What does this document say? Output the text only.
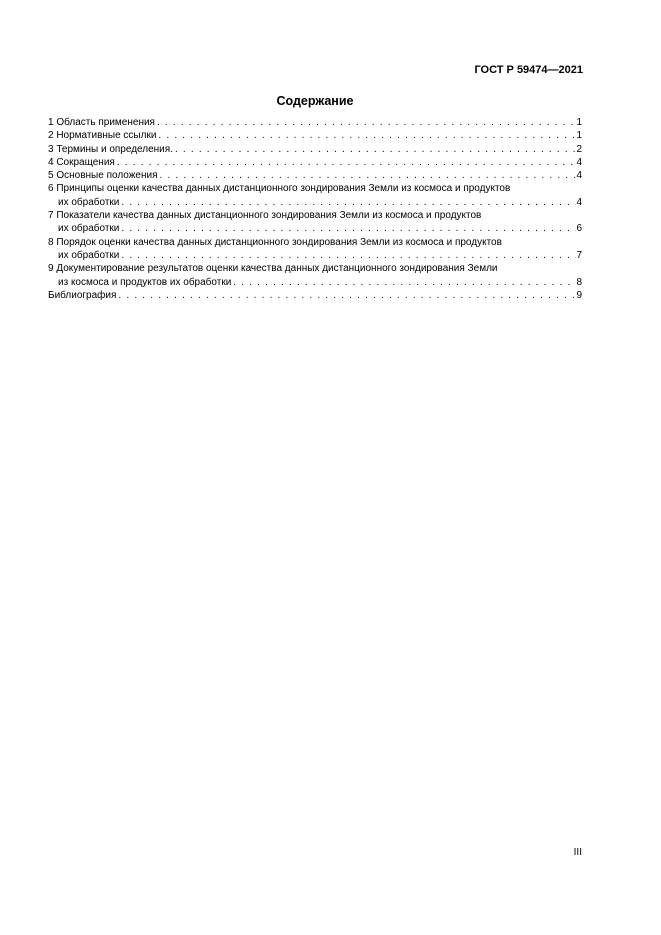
ГОСТ Р 59474—2021
Содержание
1 Область применения . . .	1
2 Нормативные ссылки . . .	1
3 Термины и определения. . . .	2
4 Сокращения . . .	4
5 Основные положения . . .	4
6 Принципы оценки качества данных дистанционного зондирования Земли из космоса и продуктов
их обработки . . .	4
7 Показатели качества данных дистанционного зондирования Земли из космоса и продуктов
их обработки . . .	6
8 Порядок оценки качества данных дистанционного зондирования Земли из космоса и продуктов
их обработки . . .	7
9 Документирование результатов оценки качества данных дистанционного зондирования Земли
из космоса и продуктов их обработки . . .	8
Библиография . . .	9
III
